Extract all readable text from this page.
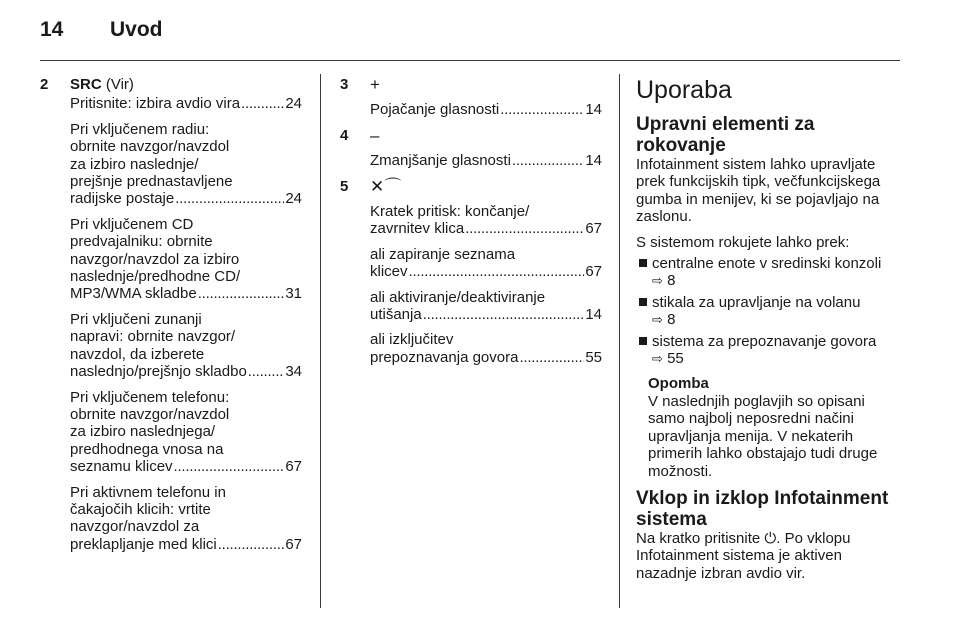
14 Uvod
2	SRC (Vir)
Pritisnite: izbira avdio vira . . .	24
Pri vključenem radiu:
obrnite navzgor/navzdol
za izbiro naslednje/
prejšnje prednastavljene
radijske postaje . . .	24
Pri vključenem CD
predvajalniku: obrnite
navzgor/navzdol za izbiro
naslednje/predhodne CD/
MP3/WMA skladbe . . .	31
Pri vključeni zunanji
napravi: obrnite navzgor/
navzdol, da izberete
naslednjo/prejšnjo skladbo . . .	34
Pri vključenem telefonu:
obrnite navzgor/navzdol
za izbiro naslednjega/
predhodnega vnosa na
seznamu klicev . . .	67
Pri aktivnem telefonu in
čakajočih klicih: vrtite
navzgor/navzdol za
preklapljanje med klici . . .	67
3	+
Pojačanje glasnosti . . .	14
4	–
Zmanjšanje glasnosti . . .	14
5	✕⌒
Kratek pritisk: končanje/
zavrnitev klica . . .	67
ali zapiranje seznama
klicev . . .	67
ali aktiviranje/deaktiviranje
utišanja . . .	14
ali izključitev
prepoznavanja govora . . .	55
Uporaba
Upravni elementi za rokovanje
Infotainment sistem lahko upravljate
prek funkcijskih tipk, večfunkcijskega
gumba in menijev, ki se pojavljajo na
zaslonu.
S sistemom rokujete lahko prek:
centralne enote v sredinski konzoli
⇨ 8
stikala za upravljanje na volanu
⇨ 8
sistema za prepoznavanje govora
⇨ 55
Opomba
V naslednjih poglavjih so opisani
samo najbolj neposredni načini
upravljanja menija. V nekaterih
primerih lahko obstajajo tudi druge
možnosti.
Vklop in izklop Infotainment
sistema
Na kratko pritisnite ⏻. Po vklopu
Infotainment sistema je aktiven
nazadnje izbran avdio vir.
